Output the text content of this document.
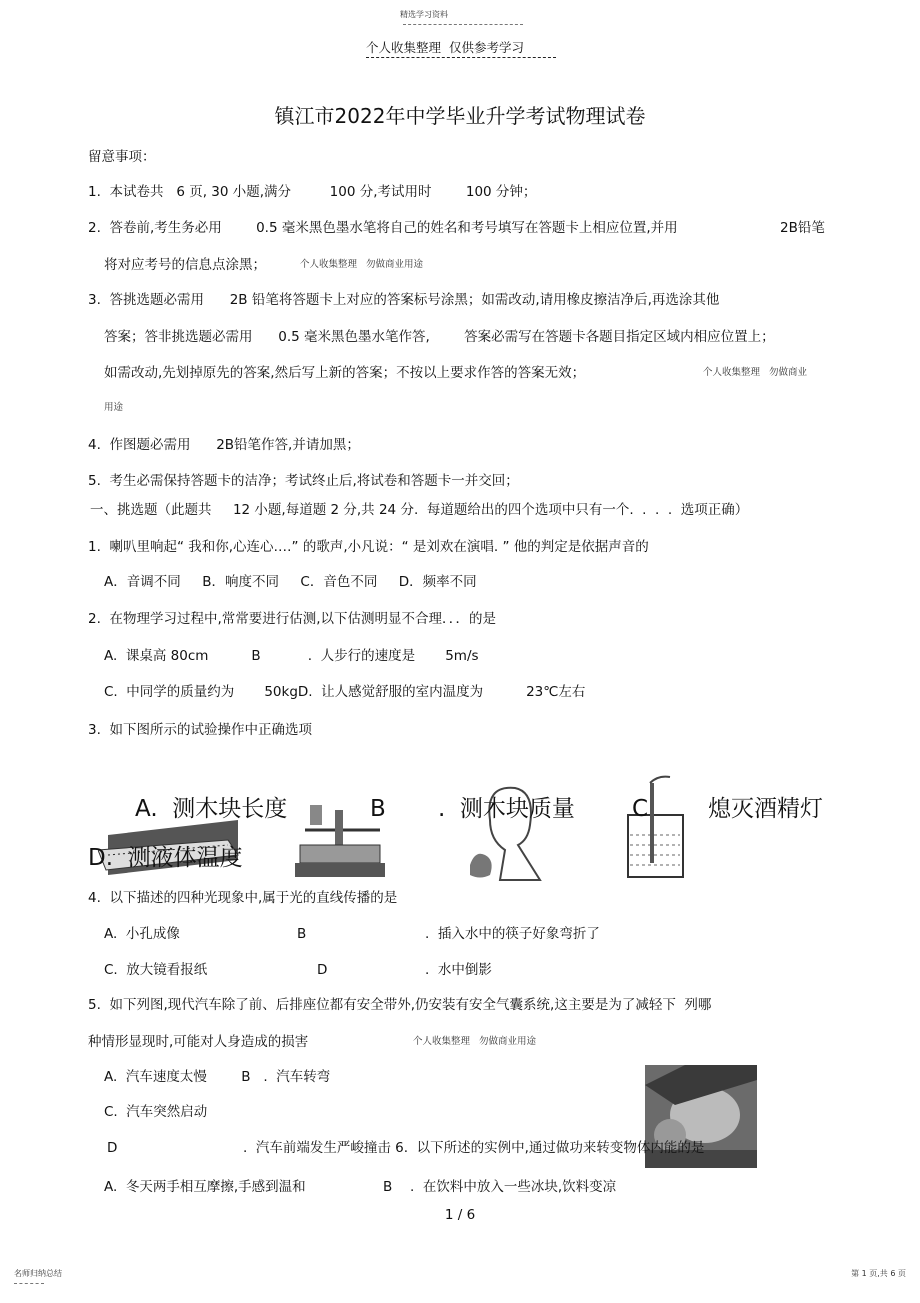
精选学习资料
个人收集整理  仅供参考学习
镇江市2022年中学毕业升学考试物理试卷
留意事项：
1.  本试卷共   6 页, 30 小题,满分         100 分,考试用时        100 分钟；
2.  答卷前,考生务必用        0.5 毫米黑色墨水笔将自己的姓名和考号填写在答题卡上相应位置,并用	2B铅笔
将对应考号的信息点涂黑；	个人收集整理   勿做商业用途
3.  答挑选题必需用      2B 铅笔将答题卡上对应的答案标号涂黑；如需改动,请用橡皮擦洁净后,再选涂其他
答案；答非挑选题必需用      0.5 毫米黑色墨水笔作答,        答案必需写在答题卡各题目指定区域内相应位置上；
如需改动,先划掉原先的答案,然后写上新的答案；不按以上要求作答的答案无效；	个人收集整理   勿做商业
用途
4.  作图题必需用      2B铅笔作答,并请加黑；
5.  考生必需保持答题卡的洁净；考试终止后,将试卷和答题卡一并交回；
一、挑选题（此题共     12 小题,每道题 2 分,共 24 分.  每道题给出的四个选项中只有一个.  .  .  .  选项正确）
1.  喇叭里响起“ 我和你,心连心‥‥” 的歌声,小凡说：“ 是刘欢在演唱. ” 他的判定是依据声音的
A．音调不同     B．响度不同     C．音色不同     D．频率不同
2.  在物理学习过程中,常常要进行估测,以下估测明显不合理．．．的是
A.  课桌高 80cm          B           .  人步行的速度是       5m/s
C.  中同学的质量约为       50kgD.  让人感觉舒服的室内温度为          23℃左右
3.  如下图所示的试验操作中正确选项
A.  测木块长度	B .  测木块质量 C	熄灭酒精灯
D.  测液体温度
4.  以下描述的四种光现象中,属于光的直线传播的是
A.  小孔成像	B	.  插入水中的筷子好象弯折了
C.  放大镜看报纸	D	.  水中倒影
5.  如下列图,现代汽车除了前、后排座位都有安全带外,仍安装有安全气囊系统,这主要是为了减轻下  列哪
种情形显现时,可能对人身造成的损害	个人收集整理   勿做商业用途
A.  汽车速度太慢        B   .  汽车转弯
C.  汽车突然启动
D	.  汽车前端发生严峻撞击 6.  以下所述的实例中,通过做功来转变物体内能的是
A.  冬天两手相互摩擦,手感到温和	B .  在饮料中放入一些冰块,饮料变凉
1 / 6
名师归纳总结	第 1 页,共 6 页
